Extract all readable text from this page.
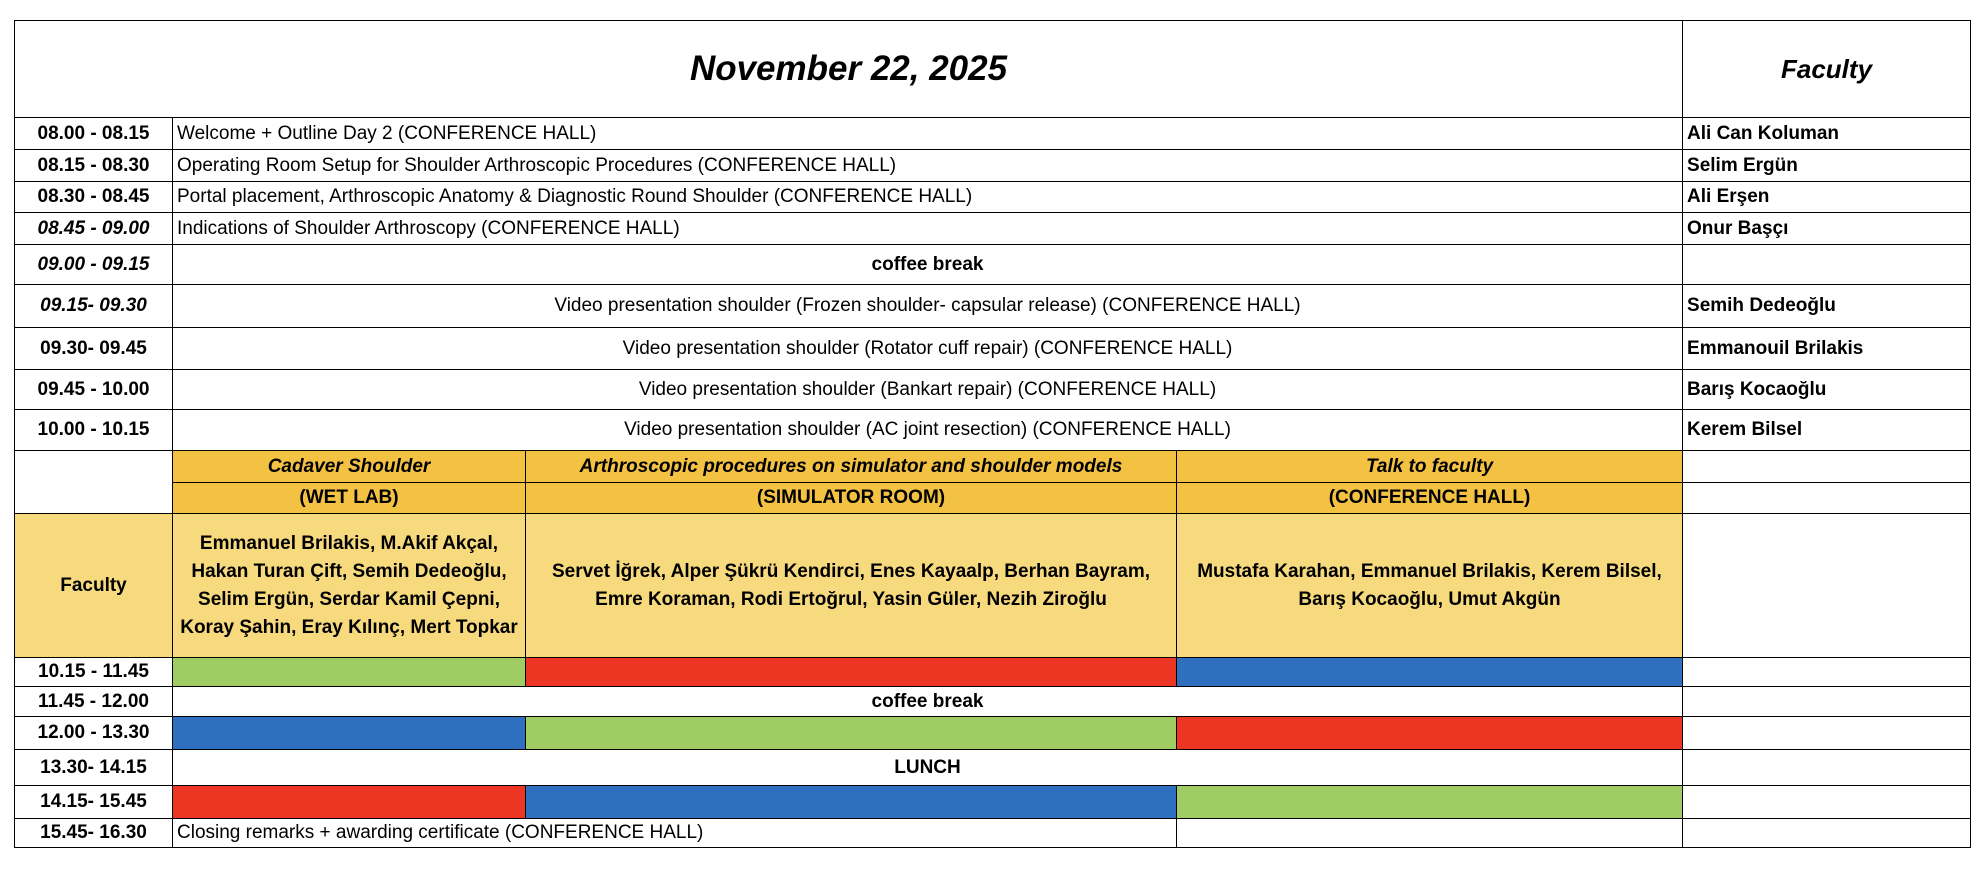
November 22, 2025				Faculty
08.00 - 08.15	Welcome + Outline Day 2 (CONFERENCE HALL)			Ali Can Koluman
08.15 - 08.30	Operating Room Setup for Shoulder Arthroscopic Procedures (CONFERENCE HALL)			Selim Ergün
08.30 - 08.45	Portal placement, Arthroscopic Anatomy & Diagnostic Round Shoulder (CONFERENCE HALL)			Ali Erşen
08.45 - 09.00	Indications of Shoulder Arthroscopy (CONFERENCE HALL)			Onur Başçı
09.00 - 09.15	coffee break			
09.15- 09.30	Video presentation shoulder (Frozen shoulder- capsular release) (CONFERENCE HALL)			Semih Dedeoğlu
09.30- 09.45	Video presentation shoulder (Rotator cuff repair) (CONFERENCE HALL)			Emmanouil Brilakis
09.45 - 10.00	Video presentation shoulder (Bankart repair) (CONFERENCE HALL)			Barış Kocaoğlu
10.00 - 10.15	Video presentation shoulder (AC joint resection) (CONFERENCE HALL)			Kerem Bilsel
	Cadaver Shoulder	Arthroscopic procedures on simulator and shoulder models	Talk to faculty	
	(WET LAB)	(SIMULATOR ROOM)	(CONFERENCE HALL)	
Faculty	Emmanuel Brilakis, M.Akif Akçal, Hakan Turan Çift, Semih Dedeoğlu, Selim Ergün, Serdar Kamil Çepni, Koray Şahin, Eray Kılınç, Mert Topkar	Servet İğrek, Alper Şükrü Kendirci, Enes Kayaalp, Berhan Bayram, Emre Koraman, Rodi Ertoğrul, Yasin Güler, Nezih Ziroğlu	Mustafa Karahan, Emmanuel Brilakis, Kerem Bilsel, Barış Kocaoğlu, Umut Akgün	
10.15 - 11.45				
11.45 - 12.00	coffee break			
12.00 - 13.30				
13.30- 14.15	LUNCH			
14.15- 15.45				
15.45- 16.30	Closing remarks + awarding certificate (CONFERENCE HALL)			
